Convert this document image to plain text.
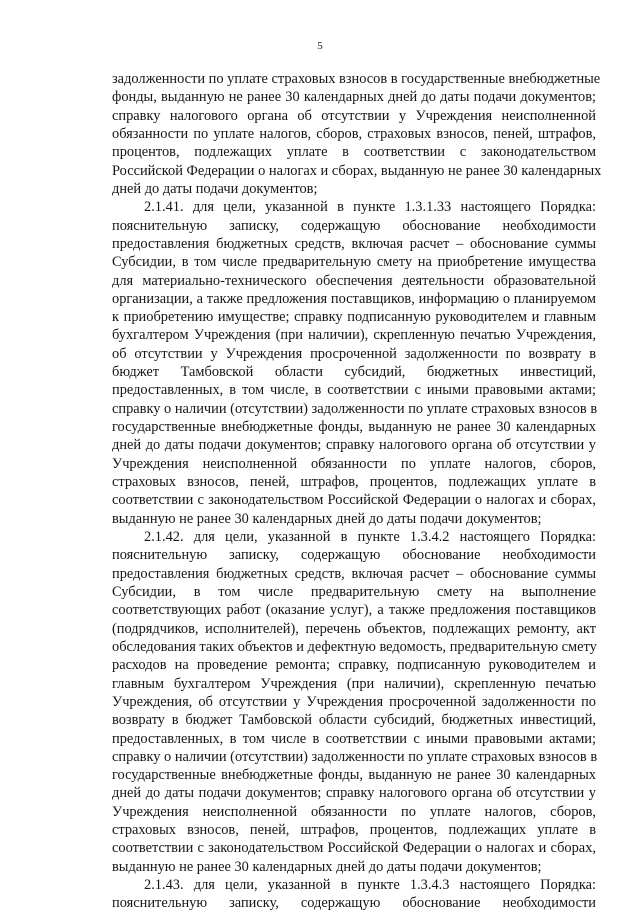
5
задолженности по уплате страховых взносов в государственные внебюджетные
фонды, выданную не ранее 30 календарных дней до даты подачи документов;
справку налогового органа об отсутствии у Учреждения неисполненной
обязанности по уплате налогов, сборов, страховых взносов, пеней, штрафов,
процентов, подлежащих уплате в соответствии с законодательством
Российской Федерации о налогах и сборах, выданную не ранее 30 календарных
дней до даты подачи документов;
2.1.41. для цели, указанной в пункте 1.3.1.33 настоящего Порядка:
пояснительную записку, содержащую обоснование необходимости
предоставления бюджетных средств, включая расчет – обоснование суммы
Субсидии, в том числе предварительную смету на приобретение имущества
для материально-технического обеспечения деятельности образовательной
организации, а также предложения поставщиков, информацию о планируемом
к приобретению имуществе; справку подписанную руководителем и главным
бухгалтером Учреждения (при наличии), скрепленную печатью Учреждения,
об отсутствии у Учреждения просроченной задолженности по возврату в
бюджет Тамбовской области субсидий, бюджетных инвестиций,
предоставленных, в том числе, в соответствии с иными правовыми актами;
справку о наличии (отсутствии) задолженности по уплате страховых взносов в
государственные внебюджетные фонды, выданную не ранее 30 календарных
дней до даты подачи документов; справку налогового органа об отсутствии у
Учреждения неисполненной обязанности по уплате налогов, сборов,
страховых взносов, пеней, штрафов, процентов, подлежащих уплате в
соответствии с законодательством Российской Федерации о налогах и сборах,
выданную не ранее 30 календарных дней до даты подачи документов;
2.1.42. для цели, указанной в пункте 1.3.4.2 настоящего Порядка:
пояснительную записку, содержащую обоснование необходимости
предоставления бюджетных средств, включая расчет – обоснование суммы
Субсидии, в том числе предварительную смету на выполнение
соответствующих работ (оказание услуг), а также предложения поставщиков
(подрядчиков, исполнителей), перечень объектов, подлежащих ремонту, акт
обследования таких объектов и дефектную ведомость, предварительную смету
расходов на проведение ремонта; справку, подписанную руководителем и
главным бухгалтером Учреждения (при наличии), скрепленную печатью
Учреждения, об отсутствии у Учреждения просроченной задолженности по
возврату в бюджет Тамбовской области субсидий, бюджетных инвестиций,
предоставленных, в том числе в соответствии с иными правовыми актами;
справку о наличии (отсутствии) задолженности по уплате страховых взносов в
государственные внебюджетные фонды, выданную не ранее 30 календарных
дней до даты подачи документов; справку налогового органа об отсутствии у
Учреждения неисполненной обязанности по уплате налогов, сборов,
страховых взносов, пеней, штрафов, процентов, подлежащих уплате в
соответствии с законодательством Российской Федерации о налогах и сборах,
выданную не ранее 30 календарных дней до даты подачи документов;
2.1.43. для цели, указанной в пункте 1.3.4.3 настоящего Порядка:
пояснительную записку, содержащую обоснование необходимости
